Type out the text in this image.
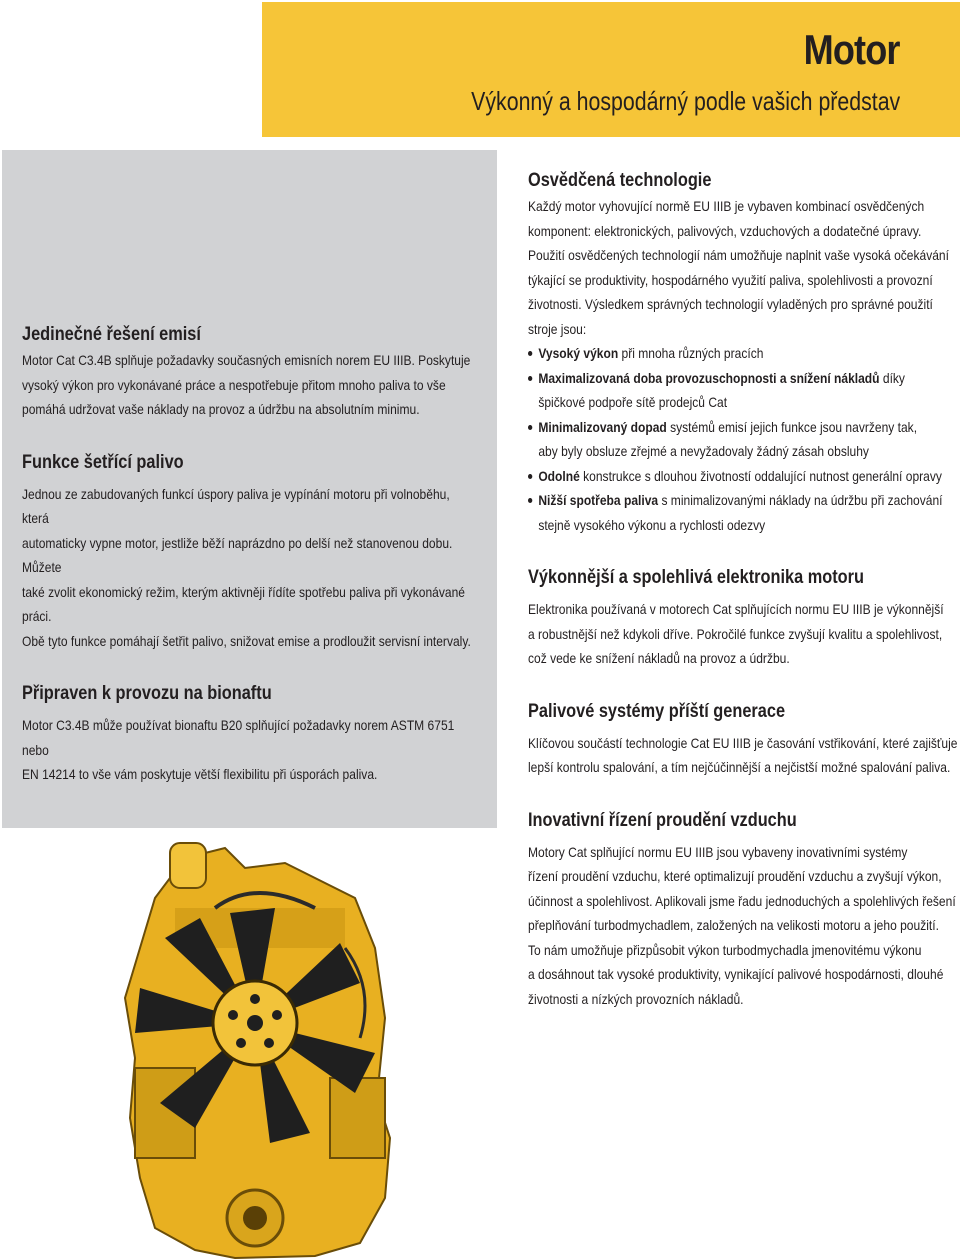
Motor
Výkonný a hospodárný podle vašich představ
Jedinečné řešení emisí

Motor Cat C3.4B splňuje požadavky současných emisních norem EU IIIB. Poskytuje

vysoký výkon pro vykonávané práce a nespotřebuje přitom mnoho paliva to vše

pomáhá udržovat vaše náklady na provoz a údržbu na absolutním minimu.

Funkce šetřící palivo

Jednou ze zabudovaných funkcí úspory paliva je vypínání motoru při volnoběhu, která

automaticky vypne motor, jestliže běží naprázdno po delší než stanovenou dobu. Můžete

také zvolit ekonomický režim, kterým aktivněji řídíte spotřebu paliva při vykonávané práci.

Obě tyto funkce pomáhají šetřit palivo, snižovat emise a prodloužit servisní intervaly.

Připraven k provozu na bionaftu

Motor C3.4B může používat bionaftu B20 splňující požadavky norem ASTM 6751 nebo

EN 14214 to vše vám poskytuje větší flexibilitu při úsporách paliva.

Osvědčená technologie

Každý motor vyhovující normě EU IIIB je vybaven kombinací osvědčených

komponent: elektronických, palivových, vzduchových a dodatečné úpravy.

Použití osvědčených technologií nám umožňuje naplnit vaše vysoká očekávání

týkající se produktivity, hospodárného využití paliva, spolehlivosti a provozní

životnosti. Výsledkem správných technologií vyladěných pro správné použití

stroje jsou:

Vysoký výkon při mnoha různých pracích
Maximalizovaná doba provozuschopnosti a snížení nákladů díky
špičkové podpoře sítě prodejců Cat
Minimalizovaný dopad systémů emisí jejich funkce jsou navrženy tak,
aby byly obsluze zřejmé a nevyžadovaly žádný zásah obsluhy
Odolné konstrukce s dlouhou životností oddalující nutnost generální opravy
Nižší spotřeba paliva s minimalizovanými náklady na údržbu při zachování
stejně vysokého výkonu a rychlosti odezvy
Výkonnější a spolehlivá elektronika motoru

Elektronika používaná v motorech Cat splňujících normu EU IIIB je výkonnější

a robustnější než kdykoli dříve. Pokročilé funkce zvyšují kvalitu a spolehlivost,

což vede ke snížení nákladů na provoz a údržbu.

Palivové systémy příští generace

Klíčovou součástí technologie Cat EU IIIB je časování vstřikování, které zajišťuje

lepší kontrolu spalování, a tím nejčúčinnější a nejčistší možné spalování paliva.

Inovativní řízení proudění vzduchu

Motory Cat splňující normu EU IIIB jsou vybaveny inovativními systémy

řízení proudění vzduchu, které optimalizují proudění vzduchu a zvyšují výkon,

účinnost a spolehlivost. Aplikovali jsme řadu jednoduchých a spolehlivých řešení

přeplňování turbodmychadlem, založených na velikosti motoru a jeho použití.

To nám umožňuje přizpůsobit výkon turbodmychadla jmenovitému výkonu

a dosáhnout tak vysoké produktivity, vynikající palivové hospodárnosti, dlouhé

životnosti a nízkých provozních nákladů.
